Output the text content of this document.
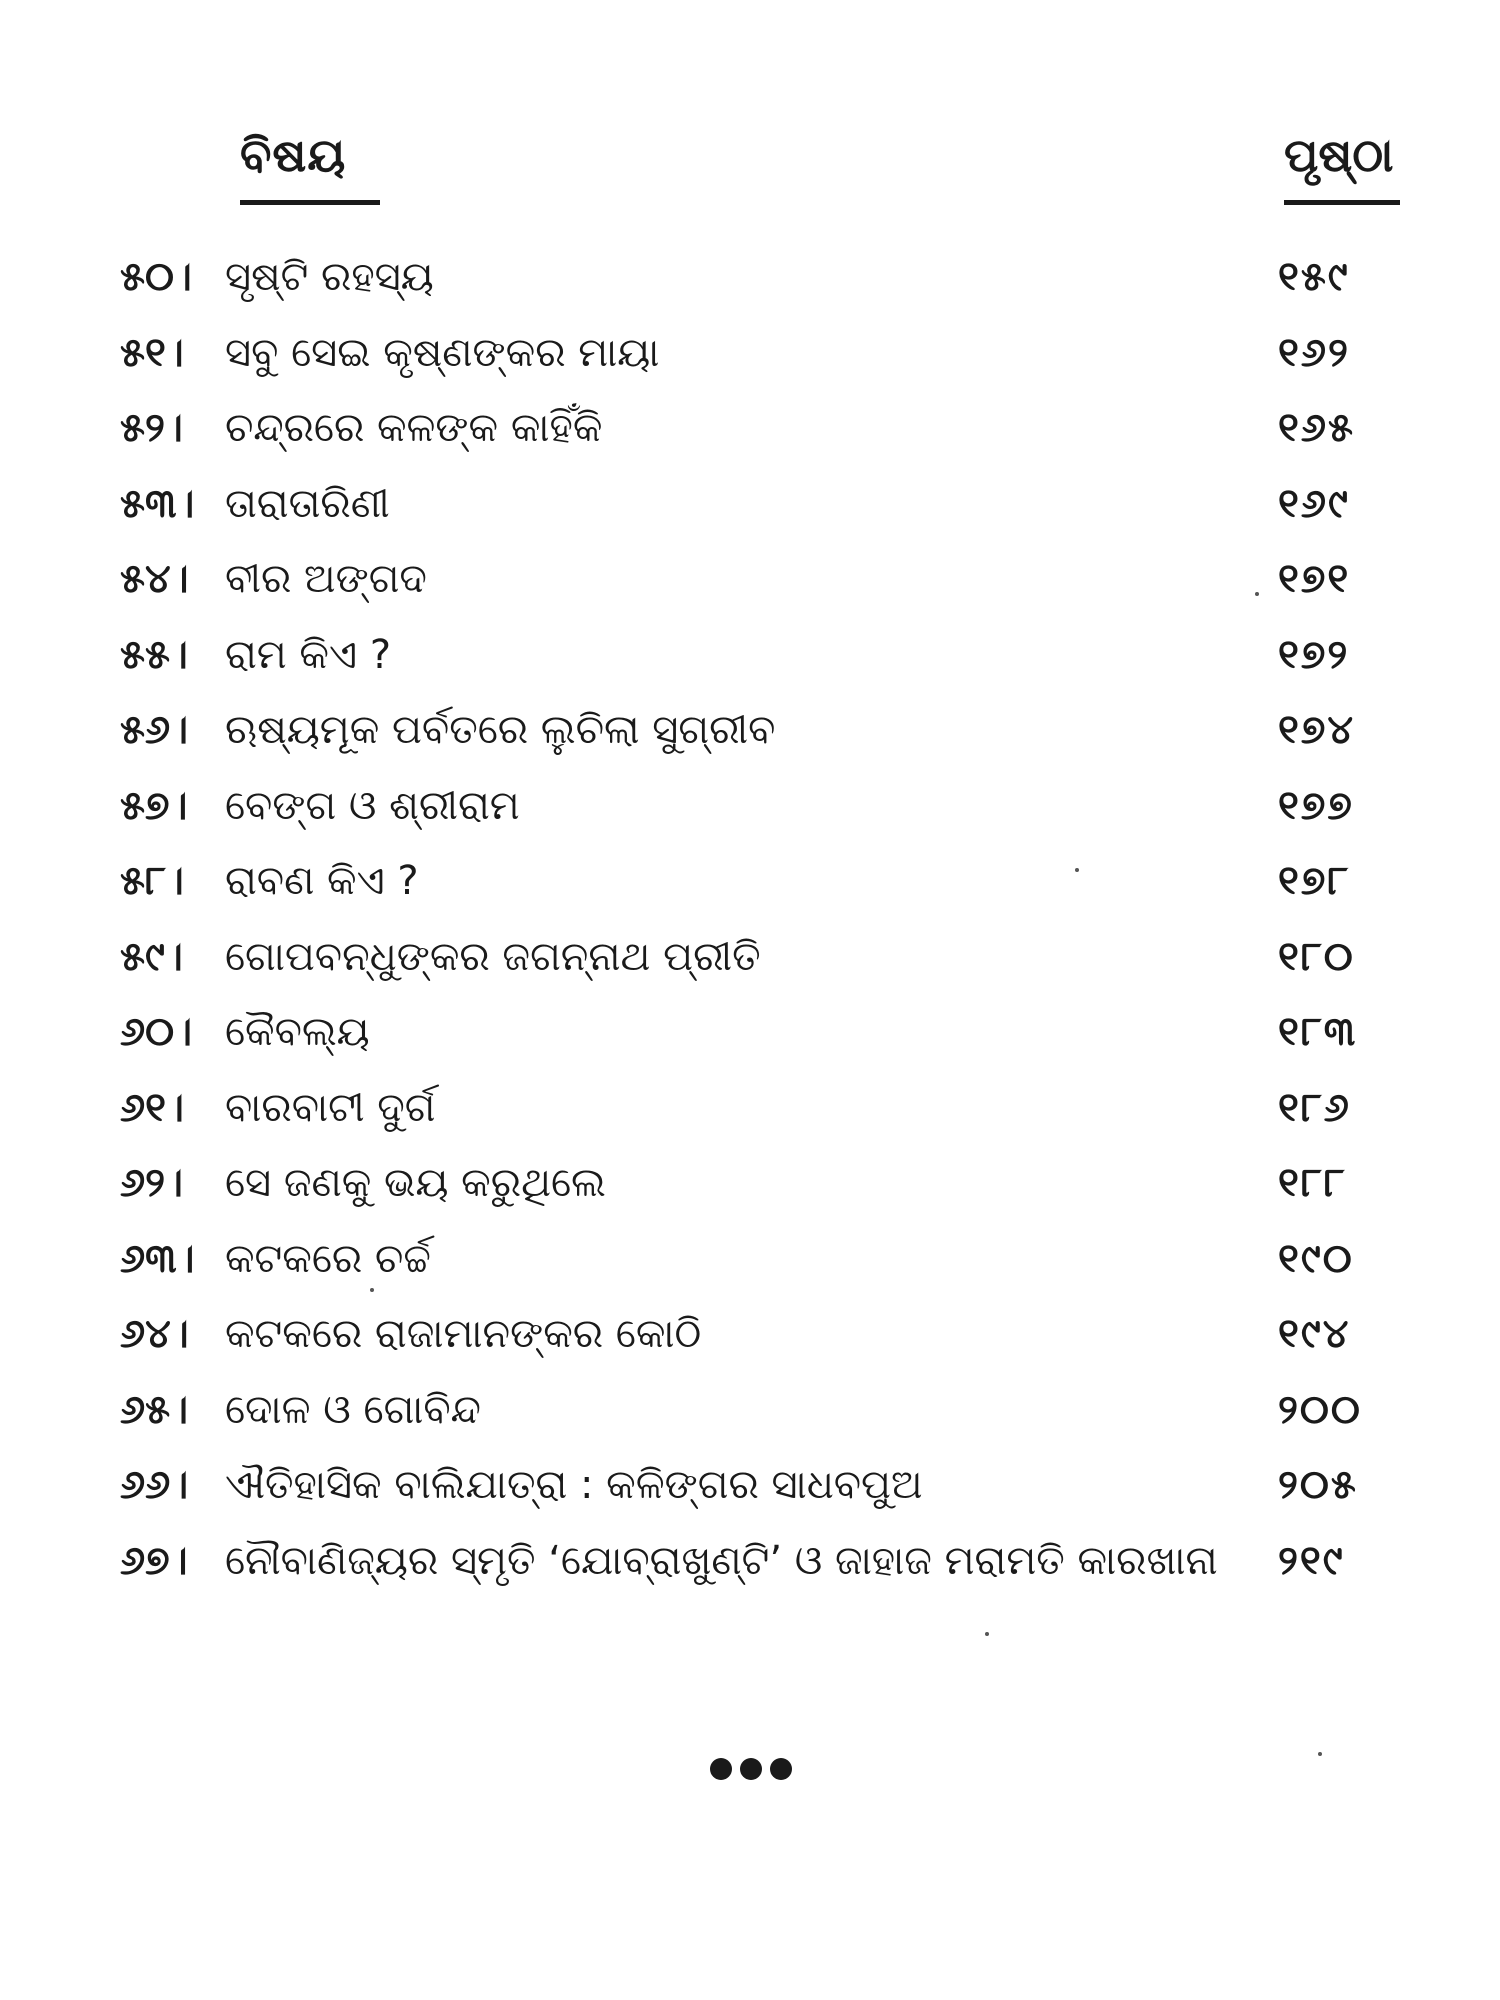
ବିଷୟ	ପୃଷ୍ଠା
୫୦। ସୃଷ୍ଟି ରହସ୍ୟ	୧୫୯
୫୧। ସବୁ ସେଇ କୃଷ୍ଣଙ୍କର ମାୟା	୧୬୨
୫୨। ଚନ୍ଦ୍ରରେ କଳଙ୍କ କାହିଁକି	୧୬୫
୫୩। ତାରାତାରିଣୀ	୧୬୯
୫୪। ବୀର ଅଙ୍ଗଦ	୧୭୧
୫୫। ରାମ କିଏ ?	୧୭୨
୫୬। ଋଷ୍ୟମୂକ ପର୍ବତରେ ଲୁଚିଲା ସୁଗ୍ରୀବ	୧୭୪
୫୭। ବେଙ୍ଗ ଓ ଶ୍ରୀରାମ	୧୭୭
୫୮। ରାବଣ କିଏ ?	୧୭୮
୫୯। ଗୋପବନ୍ଧୁଙ୍କର ଜଗନ୍ନାଥ ପ୍ରୀତି	୧୮୦
୬୦। କୈବଲ୍ୟ	୧୮୩
୬୧। ବାରବାଟୀ ଦୁର୍ଗ	୧୮୬
୬୨। ସେ ଜଣକୁ ଭୟ କରୁଥିଲେ	୧୮୮
୬୩। କଟକରେ ଚର୍ଚ୍ଚ	୧୯୦
୬୪। କଟକରେ ରାଜାମାନଙ୍କର କୋଠି	୧୯୪
୬୫। ଦୋଳ ଓ ଗୋବିନ୍ଦ	୨୦୦
୬୬। ଐତିହାସିକ ବାଲିଯାତ୍ରା : କଳିଙ୍ଗର ସାଧବପୁଅ	୨୦୫
୬୭। ନୌବାଣିଜ୍ୟର ସ୍ମୃତି ‘ଯୋବ୍ରାଖୁଣ୍ଟି’ ଓ ଜାହାଜ ମରାମତି କାରଖାନା ୨୧୯
